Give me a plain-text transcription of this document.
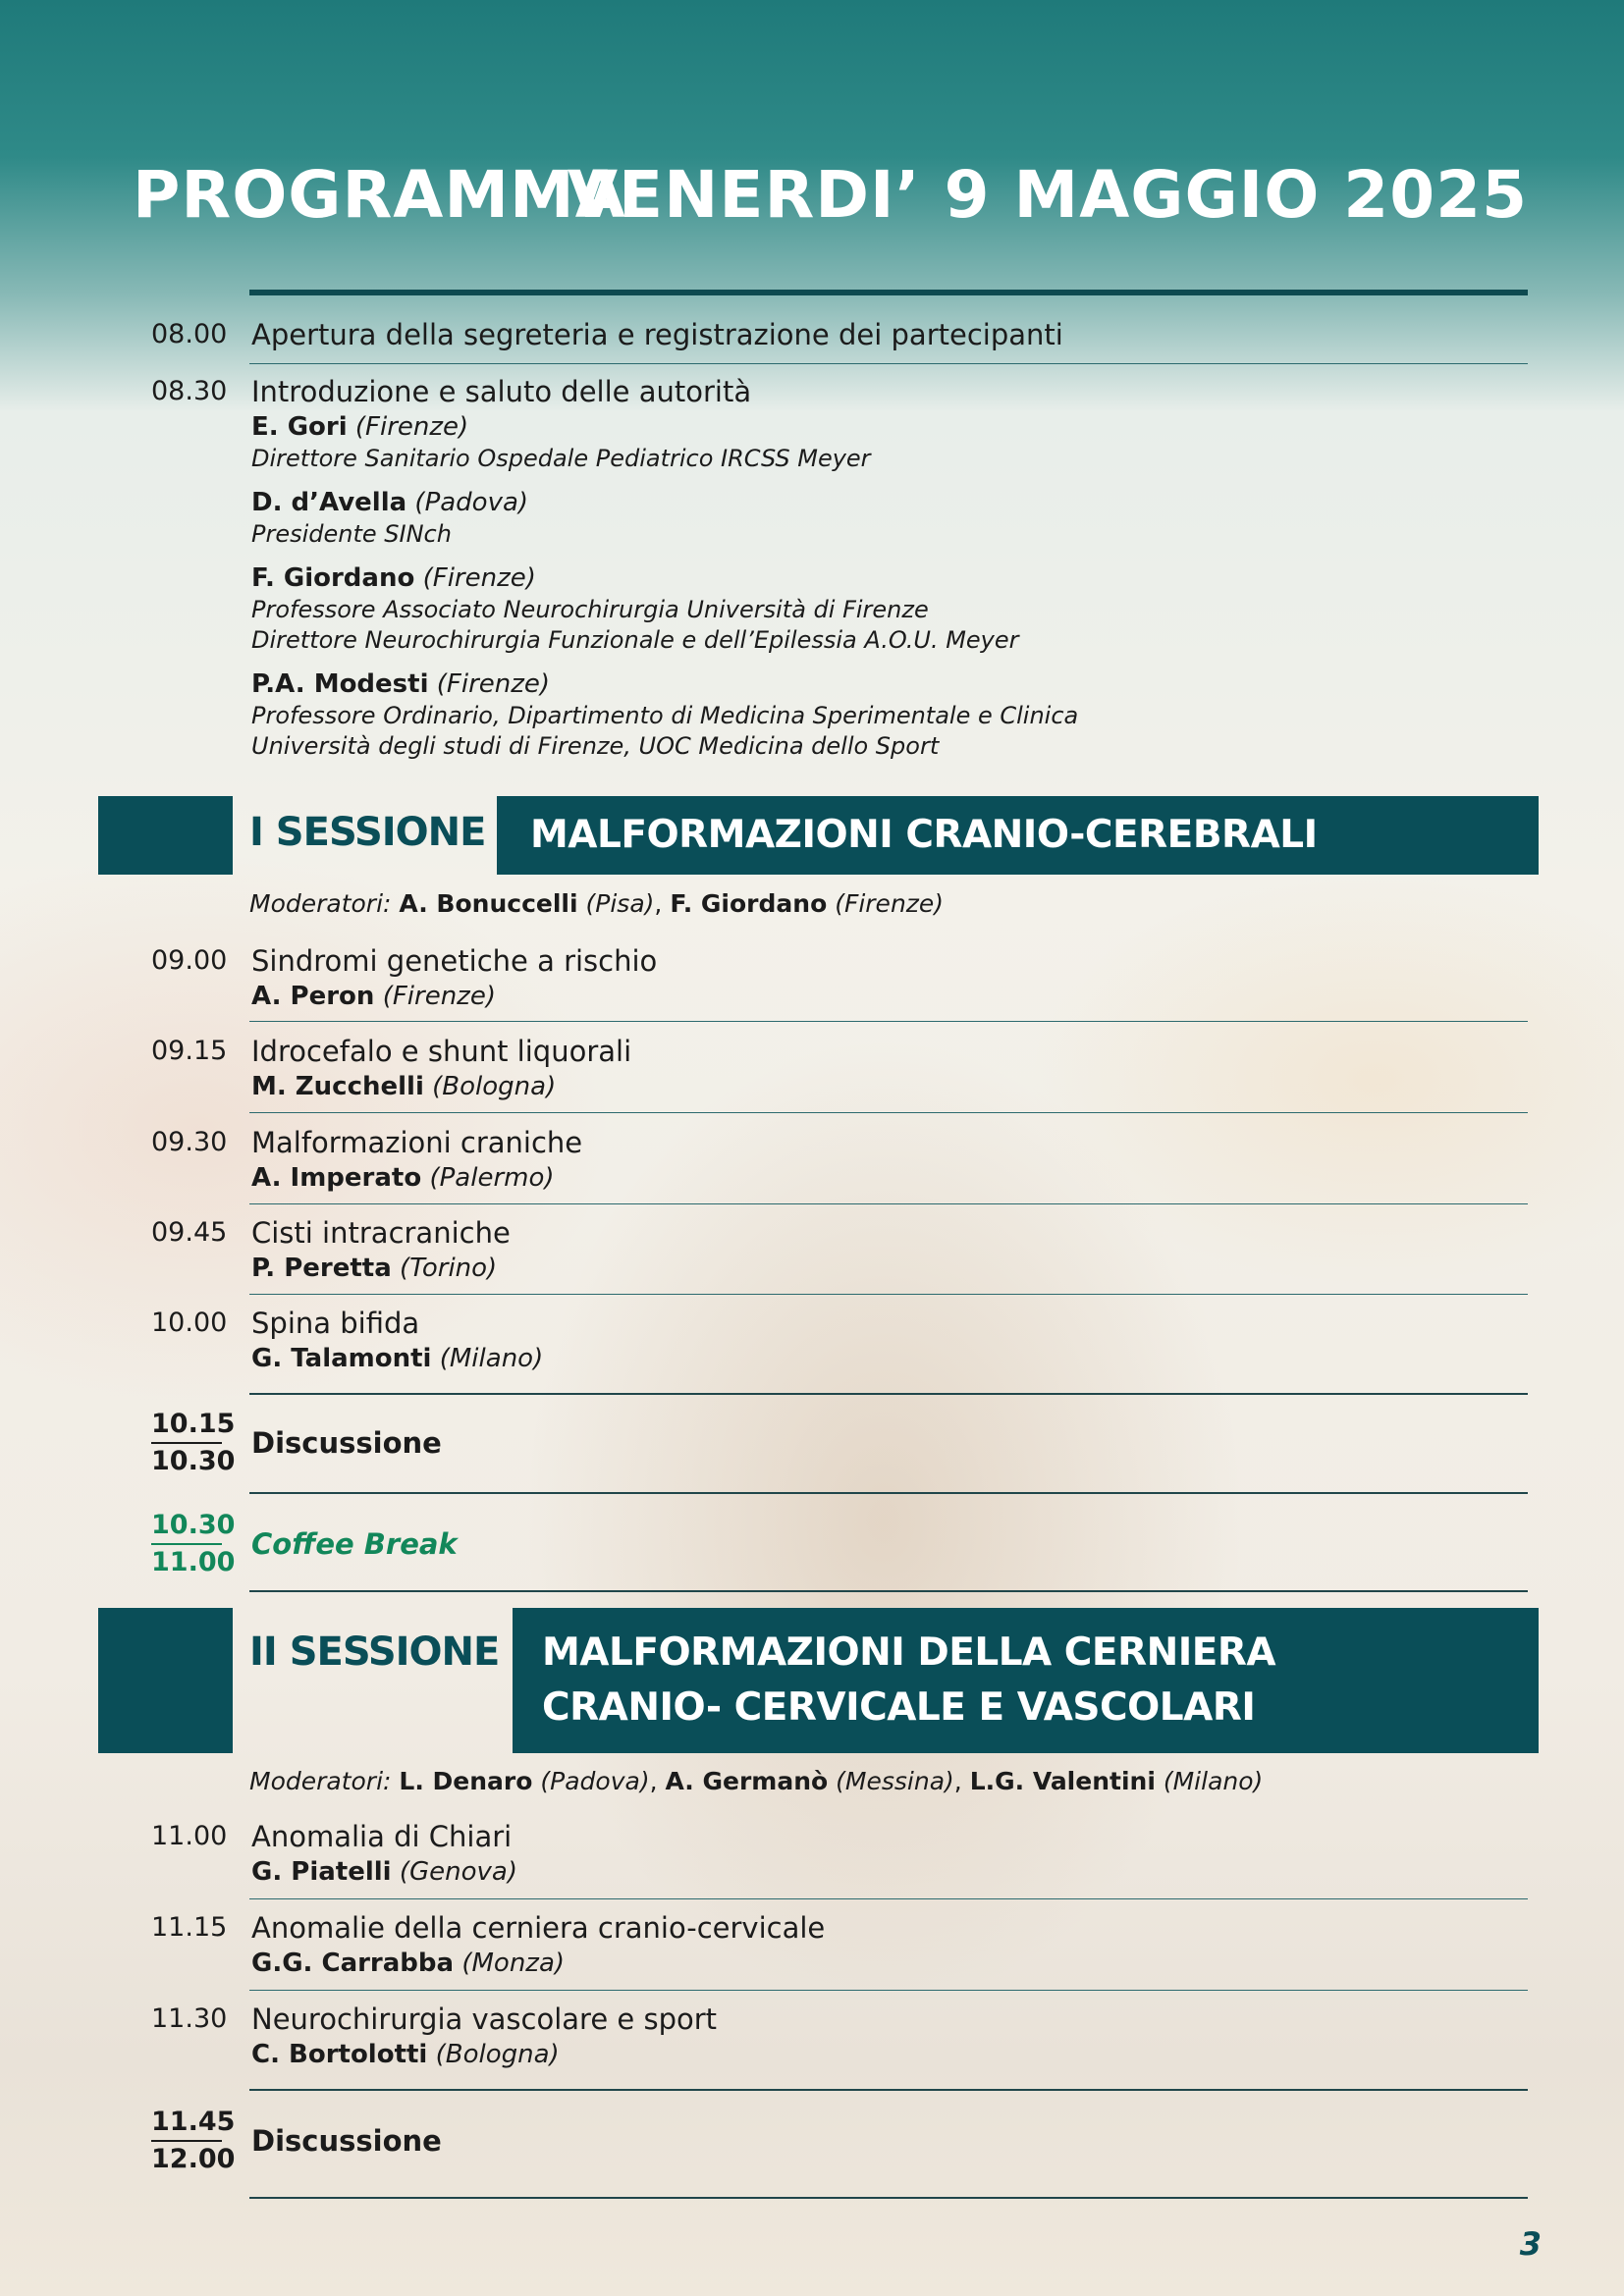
PROGRAMMA
VENERDI’ 9 MAGGIO 2025
08.00 Apertura della segreteria e registrazione dei partecipanti
08.30 Introduzione e saluto delle autorità
E. Gori (Firenze)
Direttore Sanitario Ospedale Pediatrico IRCSS Meyer
D. d’Avella (Padova)
Presidente SINch
F. Giordano (Firenze)
Professore Associato Neurochirurgia Università di Firenze
Direttore Neurochirurgia Funzionale e dell’Epilessia A.O.U. Meyer
P.A. Modesti (Firenze)
Professore Ordinario, Dipartimento di Medicina Sperimentale e Clinica
Università degli studi di Firenze, UOC Medicina dello Sport
I SESSIONE	MALFORMAZIONI CRANIO-CEREBRALI
Moderatori: A. Bonuccelli (Pisa), F. Giordano (Firenze)
09.00 Sindromi genetiche a rischio
A. Peron (Firenze)
09.15 Idrocefalo e shunt liquorali
M. Zucchelli (Bologna)
09.30 Malformazioni craniche
A. Imperato (Palermo)
09.45 Cisti intracraniche
P. Peretta (Torino)
10.00 Spina bifida
G. Talamonti (Milano)
10.15
10.30
Discussione
10.30
11.00
Coffee Break
II SESSIONE MALFORMAZIONI DELLA CERNIERA
CRANIO- CERVICALE E VASCOLARI
Moderatori: L. Denaro (Padova), A. Germanò (Messina), L.G. Valentini (Milano)
11.00 Anomalia di Chiari
G. Piatelli (Genova)
11.15 Anomalie della cerniera cranio-cervicale
G.G. Carrabba (Monza)
11.30 Neurochirurgia vascolare e sport
C. Bortolotti (Bologna)
11.45
12.00
Discussione
3
